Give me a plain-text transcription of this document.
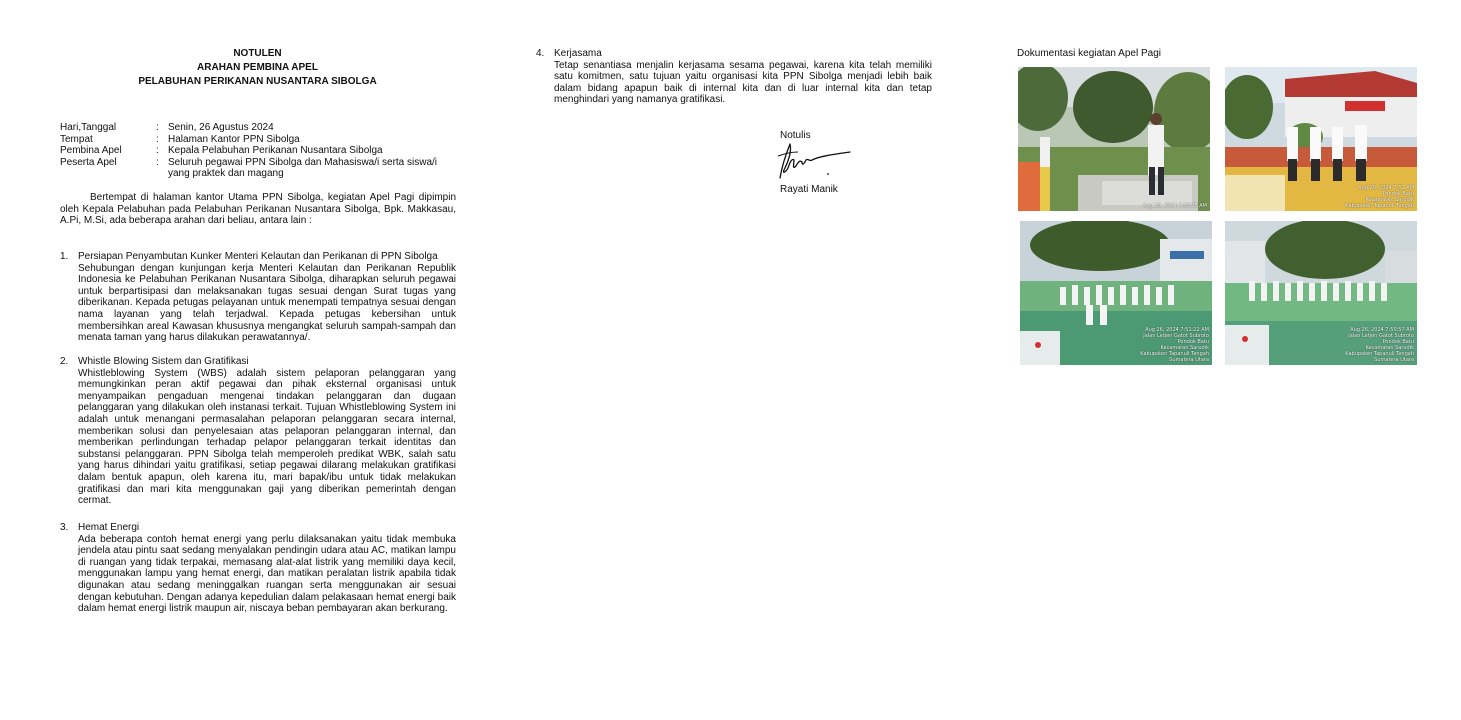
NOTULEN
ARAHAN PEMBINA APEL
PELABUHAN PERIKANAN NUSANTARA SIBOLGA
Hari,Tanggal	: Senin, 26 Agustus 2024
Tempat	: Halaman Kantor PPN Sibolga
Pembina Apel	: Kepala Pelabuhan Perikanan Nusantara Sibolga
Peserta Apel	: Seluruh pegawai PPN Sibolga dan Mahasiswa/i serta siswa/i yang praktek dan magang
Bertempat di halaman kantor Utama PPN Sibolga, kegiatan Apel Pagi dipimpin oleh Kepala Pelabuhan pada Pelabuhan Perikanan Nusantara Sibolga, Bpk. Makkasau, A.Pi, M.Si, ada beberapa arahan dari beliau, antara lain :
1. Persiapan Penyambutan Kunker Menteri Kelautan dan Perikanan di PPN Sibolga
Sehubungan dengan kunjungan kerja Menteri Kelautan dan Perikanan Republik Indonesia ke Pelabuhan Perikanan Nusantara Sibolga, diharapkan seluruh pegawai untuk berpartisipasi dan melaksanakan tugas sesuai dengan Surat tugas yang diberikanan. Kepada petugas pelayanan untuk menempati tempatnya sesuai dengan nama layanan yang telah terjadwal. Kepada petugas kebersihan untuk membersihkan areal Kawasan khususnya mengangkat seluruh sampah-sampah dan menata taman yang harus dilakukan perawatannya/.
2. Whistle Blowing Sistem dan Gratifikasi
Whistleblowing System (WBS) adalah sistem pelaporan pelanggaran yang memungkinkan peran aktif pegawai dan pihak eksternal organisasi untuk menyampaikan pengaduan mengenai tindakan pelanggaran dan dugaan pelanggaran yang dilakukan oleh instanasi terkait. Tujuan Whistleblowing System ini adalah untuk menangani permasalahan pelaporan pelanggaran secara internal, memberikan solusi dan penyelesaian atas pelaporan pelanggaran internal, dan memberikan perlindungan terhadap pelapor pelanggaran terkait identitas dan substansi pelanggaran. PPN Sibolga telah memperoleh predikat WBK, salah satu yang harus dihindari yaitu gratifikasi, setiap pegawai dilarang melakukan gratifikasi dalam bentuk apapun, oleh karena itu, mari bapak/ibu untuk tidak melakukan gratifikasi dan mari kita menggunakan gaji yang diberikan pemerintah dengan cermat.
3. Hemat Energi
Ada beberapa contoh hemat energi yang perlu dilaksanakan yaitu tidak membuka jendela atau pintu saat sedang menyalakan pendingin udara atau AC, matikan lampu di ruangan yang tidak terpakai, memasang alat-alat listrik yang memiliki daya kecil, menggunakan lampu yang hemat energi, dan matikan peralatan listrik apabila tidak digunakan atau sedang meninggalkan ruangan serta menggunakan air sesuai dengan kebutuhan. Dengan adanya kepedulian dalam pelakasaan hemat energi baik dalam hemat energi listrik maupun air, niscaya beban pembayaran akan berkurang.
4. Kerjasama
Tetap senantiasa menjalin kerjasama sesama pegawai, karena kita telah memiliki satu komitmen, satu tujuan yaitu organisasi kita PPN Sibolga menjadi lebih baik dalam bidang apapun baik di internal kita dan di luar internal kita dan tetap menghindari yang namanya gratifikasi.
Notulis
Rayati Manik
Dokumentasi kegiatan Apel Pagi
Aug 26, 2024 7:50:05 AM
Aug 26, 2024 7:51 AM
Pondok Batu
Kecamatan Sarudik
Kabupaten Tapanuli Tengah
Aug 26, 2024 7:51:22 AM
Jalan Letjen Gatot Subroto
Pondok Batu
Kecamatan Sarudik
Kabupaten Tapanuli Tengah
Sumatera Utara
Aug 26, 2024 7:50:57 AM
Jalan Letjen Gatot Subroto
Pondok Batu
Kecamatan Sarudik
Kabupaten Tapanuli Tengah
Sumatera Utara
